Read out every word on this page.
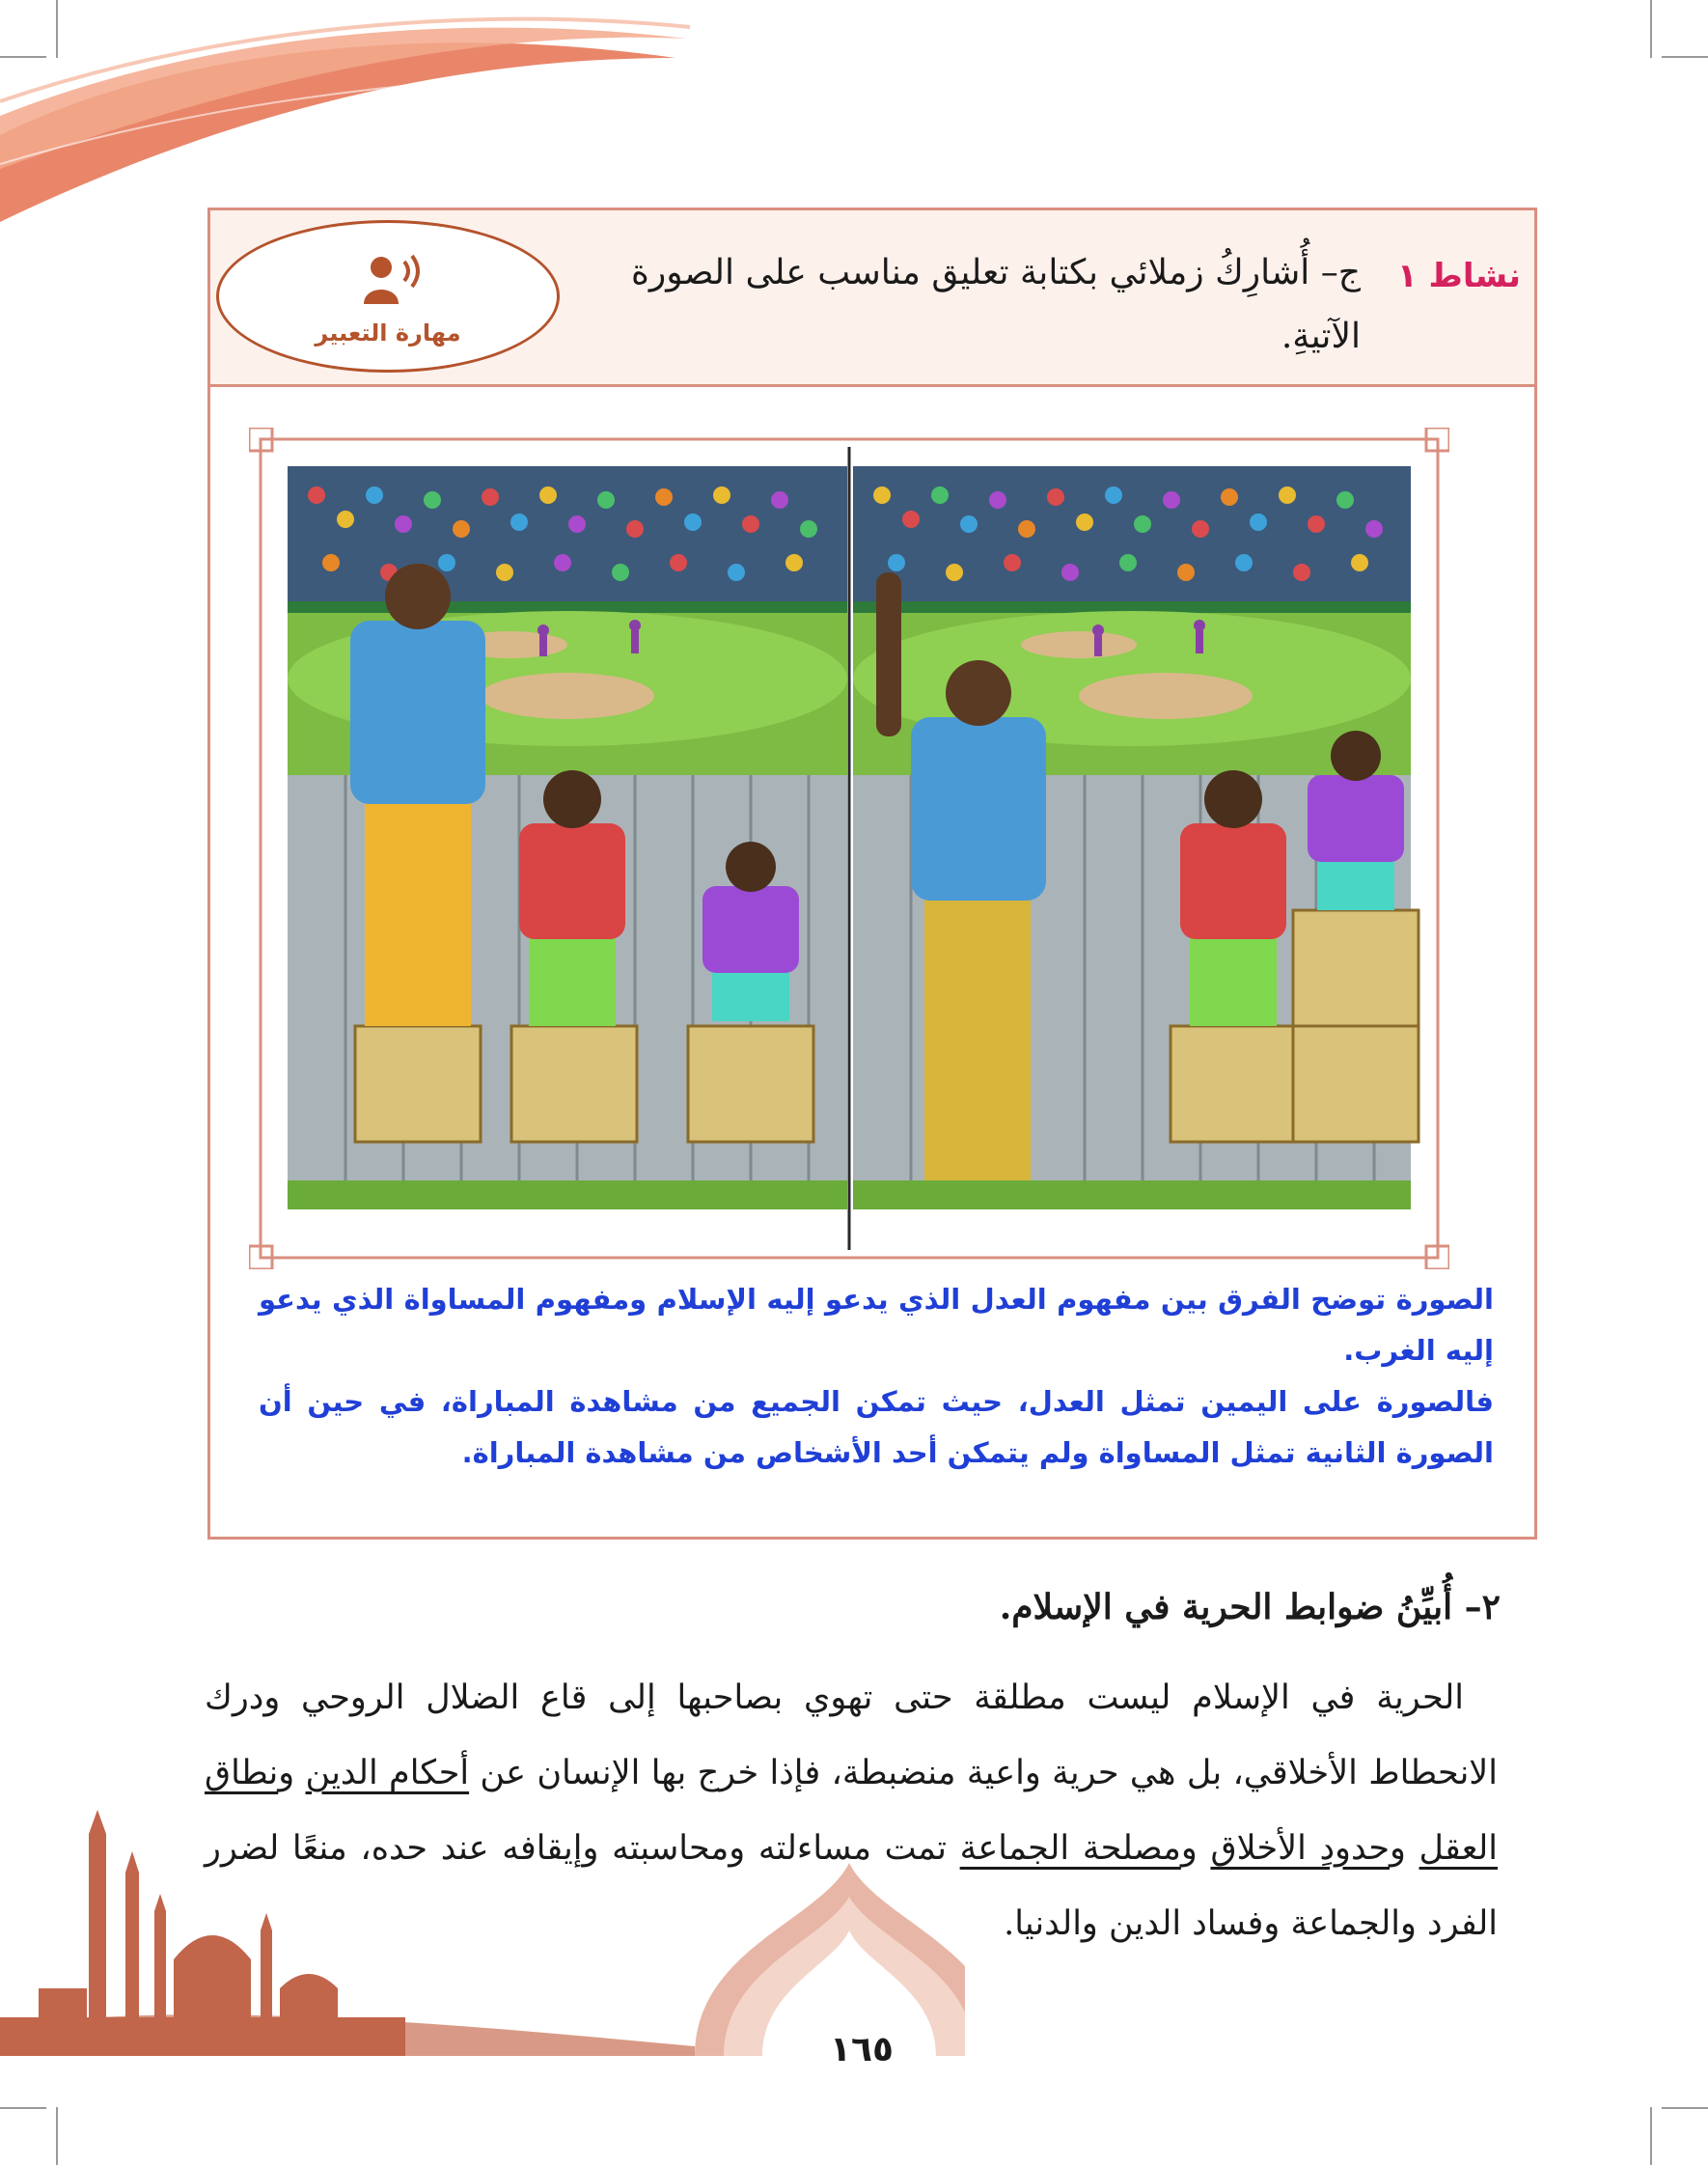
مهارة التعبير
نشاط ١
ج– أُشارِكُ زملائي بكتابة تعليق مناسب على الصورة الآتيةِ.

الصورة توضح الفرق بين مفهوم العدل الذي يدعو إليه الإسلام ومفهوم المساواة الذي يدعو إليه الغرب.

فالصورة على اليمين تمثل العدل، حيث تمكن الجميع من مشاهدة المباراة، في حين أن الصورة الثانية تمثل المساواة ولم يتمكن أحد الأشخاص من مشاهدة المباراة.

٢– أُبيِّنُ ضوابط الحرية في الإسلام.
 الحرية في الإسلام ليست مطلقة حتى تهوي بصاحبها إلى قاع الضلال الروحي ودرك الانحطاط الأخلاقي، بل هي حرية واعية منضبطة، فإذا خرج بها الإنسان عن أحكام الدين ونطاق العقل وحدودِ الأخلاق ومصلحة الجماعة تمت مساءلته ومحاسبته وإيقافه عند حده، منعًا لضرر الفرد والجماعة وفساد الدين والدنيا.
١٦٥
